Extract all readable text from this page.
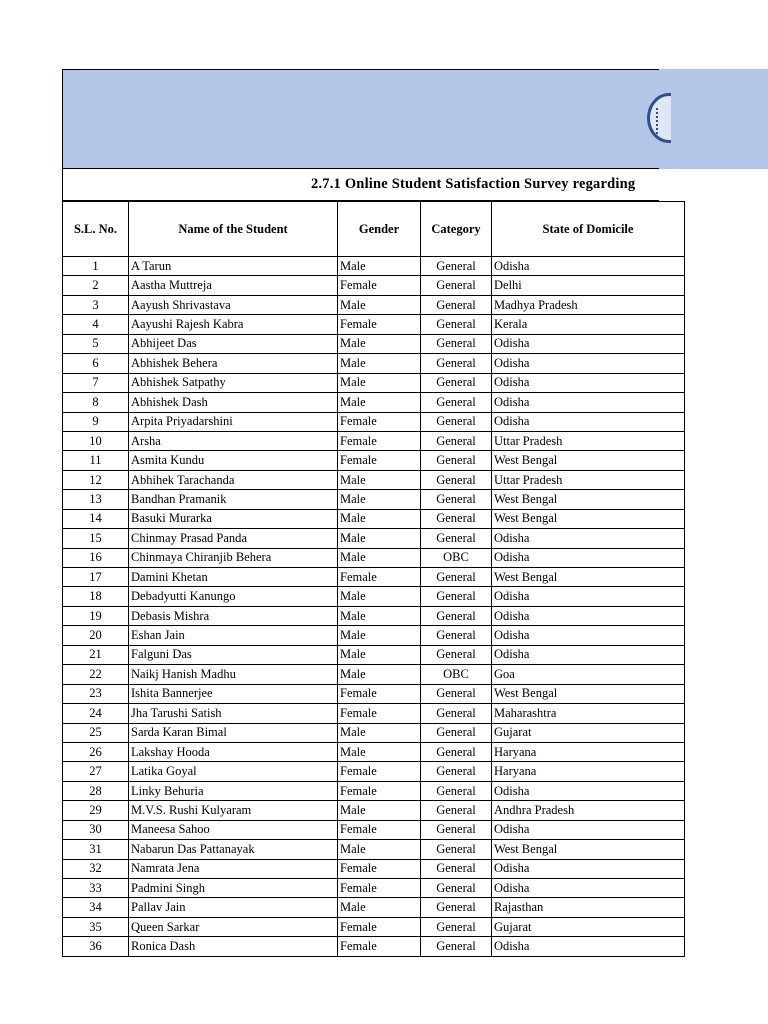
2.7.1 Online Student Satisfaction Survey regarding
S.L. No.	Name of the Student	Gender	Category	State of Domicile
1	A Tarun	Male	General	Odisha
2	Aastha Muttreja	Female	General	Delhi
3	Aayush Shrivastava	Male	General	Madhya Pradesh
4	Aayushi Rajesh Kabra	Female	General	Kerala
5	Abhijeet Das	Male	General	Odisha
6	Abhishek Behera	Male	General	Odisha
7	Abhishek Satpathy	Male	General	Odisha
8	Abhishek Dash	Male	General	Odisha
9	Arpita Priyadarshini	Female	General	Odisha
10	Arsha	Female	General	Uttar Pradesh
11	Asmita Kundu	Female	General	West Bengal
12	Abhihek Tarachanda	Male	General	Uttar Pradesh
13	Bandhan Pramanik	Male	General	West Bengal
14	Basuki Murarka	Male	General	West Bengal
15	Chinmay Prasad Panda	Male	General	Odisha
16	Chinmaya Chiranjib Behera	Male	OBC	Odisha
17	Damini Khetan	Female	General	West Bengal
18	Debadyutti Kanungo	Male	General	Odisha
19	Debasis Mishra	Male	General	Odisha
20	Eshan Jain	Male	General	Odisha
21	Falguni Das	Male	General	Odisha
22	Naikj Hanish Madhu	Male	OBC	Goa
23	Ishita Bannerjee	Female	General	West Bengal
24	Jha Tarushi Satish	Female	General	Maharashtra
25	Sarda Karan Bimal	Male	General	Gujarat
26	Lakshay Hooda	Male	General	Haryana
27	Latika Goyal	Female	General	Haryana
28	Linky Behuria	Female	General	Odisha
29	M.V.S. Rushi Kulyaram	Male	General	Andhra Pradesh
30	Maneesa Sahoo	Female	General	Odisha
31	Nabarun Das Pattanayak	Male	General	West Bengal
32	Namrata Jena	Female	General	Odisha
33	Padmini Singh	Female	General	Odisha
34	Pallav Jain	Male	General	Rajasthan
35	Queen Sarkar	Female	General	Gujarat
36	Ronica Dash	Female	General	Odisha
